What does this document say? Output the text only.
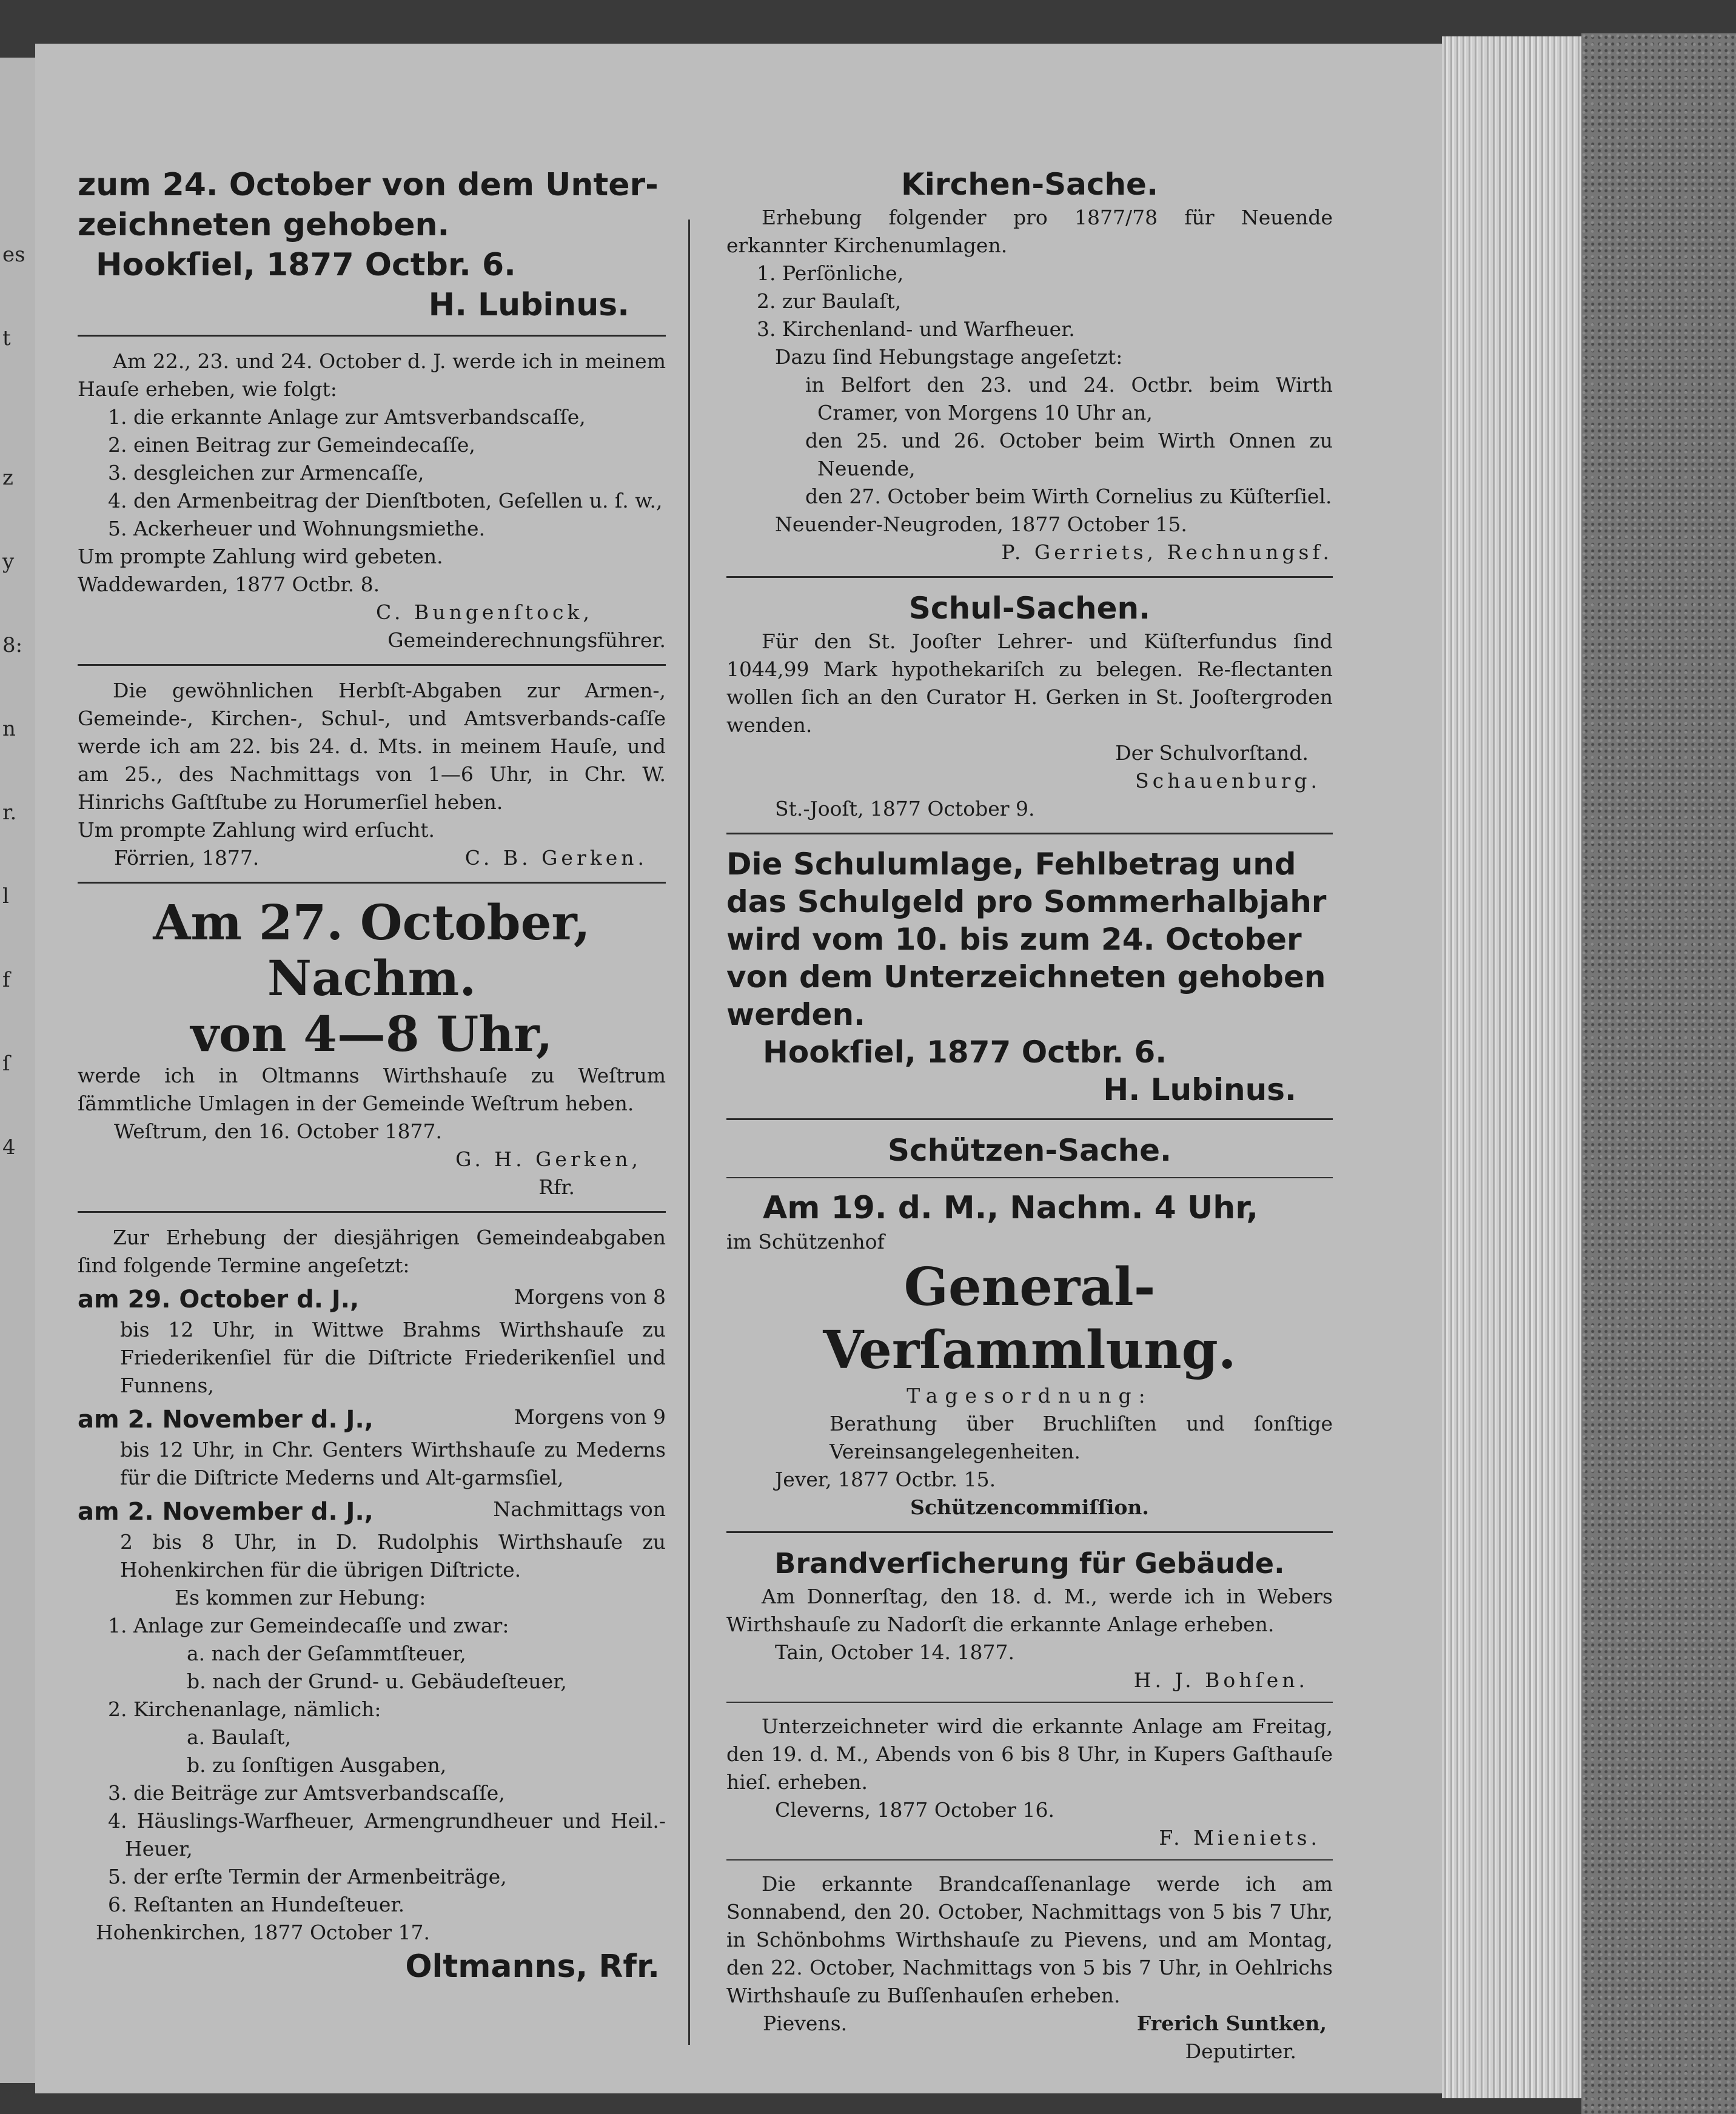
es

t

z

y

8:

n

r.

l

f

ſ

4

zum 24. October von dem Unter-

zeichneten gehoben.

Hookſiel, 1877 Octbr. 6.

H. Lubinus.

Am 22., 23. und 24. October d. J. werde ich in meinem Hauſe erheben, wie folgt:

1. die erkannte Anlage zur Amtsverbandscaſſe,

2. einen Beitrag zur Gemeindecaſſe,

3. desgleichen zur Armencaſſe,

4. den Armenbeitrag der Dienſtboten, Geſellen u. ſ. w.,

5. Ackerheuer und Wohnungsmiethe.

Um prompte Zahlung wird gebeten.

Waddewarden, 1877 Octbr. 8.

C. Bungenſtock,

Gemeinderechnungsführer.

Die gewöhnlichen Herbſt-Abgaben zur Armen-, Gemeinde-, Kirchen-, Schul-, und Amtsverbands-caſſe werde ich am 22. bis 24. d. Mts. in meinem Hauſe, und am 25., des Nachmittags von 1—6 Uhr, in Chr. W. Hinrichs Gaſtſtube zu Horumerſiel heben.

Um prompte Zahlung wird erſucht.

Förrien, 1877.	C. B. Gerken.

Am 27. October, Nachm.

von 4—8 Uhr,

werde ich in Oltmanns Wirthshauſe zu Weſtrum ſämmtliche Umlagen in der Gemeinde Weſtrum heben.

Weſtrum, den 16. October 1877.

G. H. Gerken,

Rfr.

Zur Erhebung der diesjährigen Gemeindeabgaben ſind folgende Termine angeſetzt:

am 29. October d. J.,	Morgens von 8

bis 12 Uhr, in Wittwe Brahms Wirthshauſe zu Friederikenſiel für die Diſtricte Friederikenſiel und Funnens,

am 2. November d. J.,	Morgens von 9

bis 12 Uhr, in Chr. Genters Wirthshauſe zu Mederns für die Diſtricte Mederns und Alt-garmsſiel,

am 2. November d. J.,	Nachmittags von

2 bis 8 Uhr, in D. Rudolphis Wirthshauſe zu Hohenkirchen für die übrigen Diſtricte.

Es kommen zur Hebung:

1. Anlage zur Gemeindecaſſe und zwar:

a. nach der Geſammtſteuer,

b. nach der Grund- u. Gebäudeſteuer,

2. Kirchenanlage, nämlich:

a. Baulaſt,

b. zu ſonſtigen Ausgaben,

3. die Beiträge zur Amtsverbandscaſſe,

4. Häuslings-Warfheuer, Armengrundheuer und Heil.-Heuer,

5. der erſte Termin der Armenbeiträge,

6. Reſtanten an Hundeſteuer.

Hohenkirchen, 1877 October 17.

Oltmanns, Rfr.

Kirchen-Sache.

Erhebung folgender pro 1877/78 für Neuende erkannter Kirchenumlagen.

1. Perſönliche,

2. zur Baulaſt,

3. Kirchenland- und Warfheuer.

Dazu ſind Hebungstage angeſetzt:

in Belfort den 23. und 24. Octbr. beim Wirth Cramer, von Morgens 10 Uhr an,

den 25. und 26. October beim Wirth Onnen zu Neuende,

den 27. October beim Wirth Cornelius zu Küſterſiel.

Neuender-Neugroden, 1877 October 15.

P. Gerriets, Rechnungsf.

Schul-Sachen.

Für den St. Jooſter Lehrer- und Küſterfundus ſind 1044,99 Mark hypothekariſch zu belegen. Re-flectanten wollen ſich an den Curator H. Gerken in St. Jooſtergroden wenden.

Der Schulvorſtand.

Schauenburg.

St.-Jooſt, 1877 October 9.

Die Schulumlage, Fehlbetrag und

das Schulgeld pro Sommerhalbjahr

wird vom 10. bis zum 24. October

von dem Unterzeichneten gehoben

werden.

Hookſiel, 1877 Octbr. 6.

H. Lubinus.

Schützen-Sache.

Am 19. d. M., Nachm. 4 Uhr,

im Schützenhof

General-Verſammlung.

Tagesordnung:

Berathung über Bruchliſten und ſonſtige Vereinsangelegenheiten.

Jever, 1877 Octbr. 15.

Schützencommiſſion.

Brandverſicherung für Gebäude.

Am Donnerſtag, den 18. d. M., werde ich in Webers Wirthshauſe zu Nadorſt die erkannte Anlage erheben.

Tain, October 14. 1877.

H. J. Bohſen.

Unterzeichneter wird die erkannte Anlage am Freitag, den 19. d. M., Abends von 6 bis 8 Uhr, in Kupers Gaſthauſe hieſ. erheben.

Cleverns, 1877 October 16.

F. Mieniets.

Die erkannte Brandcaſſenanlage werde ich am Sonnabend, den 20. October, Nachmittags von 5 bis 7 Uhr, in Schönbohms Wirthshauſe zu Pievens, und am Montag, den 22. October, Nachmittags von 5 bis 7 Uhr, in Oehlrichs Wirthshauſe zu Buſſenhauſen erheben.

Pievens.	Frerich Suntken,

Deputirter.
